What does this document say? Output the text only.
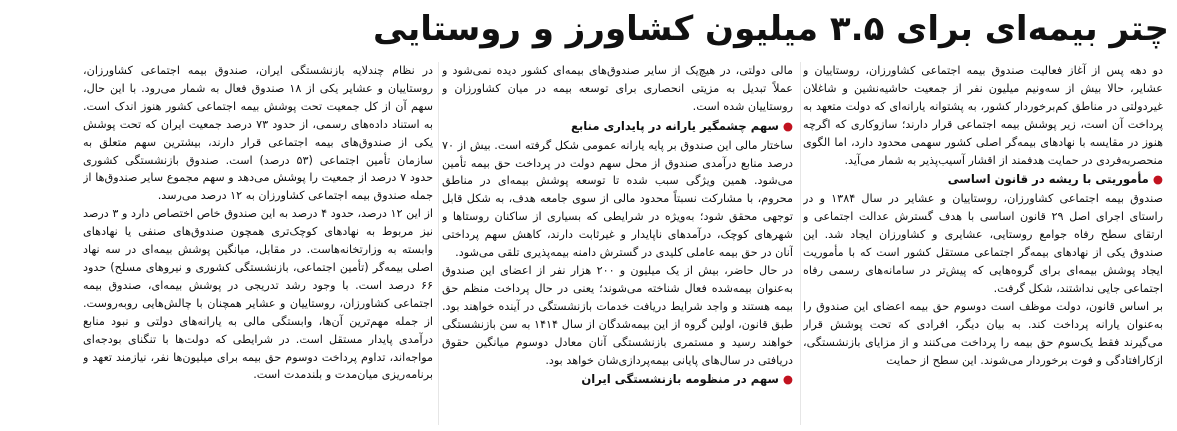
چتر بیمه‌ای برای ۳.۵ میلیون کشاورز و روستایی

دو دهه پس از آغاز فعالیت صندوق بیمه اجتماعی کشاورزان، روستاییان و عشایر، حالا بیش از سه‌ونیم میلیون نفر از جمعیت حاشیه‌نشین و شاغلان غیردولتی در مناطق کم‌برخوردار کشور، به پشتوانه یارانه‌ای که دولت متعهد به پرداخت آن است، زیر پوشش بیمه اجتماعی قرار دارند؛ سازوکاری که اگرچه هنوز در مقایسه با نهادهای بیمه‌گر اصلی کشور سهمی محدود دارد، اما الگوی منحصربه‌فردی در حمایت هدفمند از اقشار آسیب‌پذیر به شمار می‌آید.

●مأموریتی با ریشه در قانون اساسی

صندوق بیمه اجتماعی کشاورزان، روستاییان و عشایر در سال ۱۳۸۴ و در راستای اجرای اصل ۲۹ قانون اساسی با هدف گسترش عدالت اجتماعی و ارتقای سطح رفاه جوامع روستایی، عشایری و کشاورزان ایجاد شد. این صندوق یکی از نهادهای بیمه‌گر اجتماعی مستقل کشور است که با مأموریت ایجاد پوشش بیمه‌ای برای گروه‌هایی که پیش‌تر در سامانه‌های رسمی رفاه اجتماعی جایی نداشتند، شکل گرفت.

بر اساس قانون، دولت موظف است دوسوم حق بیمه اعضای این صندوق را به‌عنوان یارانه پرداخت کند. به بیان دیگر، افرادی که تحت پوشش قرار می‌گیرند فقط یک‌سوم حق بیمه را پرداخت می‌کنند و از مزایای بازنشستگی، ازکارافتادگی و فوت برخوردار می‌شوند. این سطح از حمایت

مالی دولتی، در هیچ‌یک از سایر صندوق‌های بیمه‌ای کشور دیده نمی‌شود و عملاً تبدیل به مزیتی انحصاری برای توسعه بیمه در میان کشاورزان و روستاییان شده است.

●سهم چشمگیر یارانه در پایداری منابع

ساختار مالی این صندوق بر پایه یارانه عمومی شکل گرفته است. بیش از ۷۰ درصد منابع درآمدی صندوق از محل سهم دولت در پرداخت حق بیمه تأمین می‌شود. همین ویژگی سبب شده تا توسعه پوشش بیمه‌ای در مناطق محروم، با مشارکت نسبتاً محدود مالی از سوی جامعه هدف، به شکل قابل توجهی محقق شود؛ به‌ویژه در شرایطی که بسیاری از ساکنان روستاها و شهرهای کوچک، درآمدهای ناپایدار و غیرثابت دارند، کاهش سهم پرداختی آنان در حق بیمه عاملی کلیدی در گسترش دامنه بیمه‌پذیری تلقی می‌شود.

در حال حاضر، بیش از یک میلیون و ۲۰۰ هزار نفر از اعضای این صندوق به‌عنوان بیمه‌شده فعال شناخته می‌شوند؛ یعنی در حال پرداخت منظم حق بیمه هستند و واجد شرایط دریافت خدمات بازنشستگی در آینده خواهند بود. طبق قانون، اولین گروه از این بیمه‌شدگان از سال ۱۴۱۴ به سن بازنشستگی خواهند رسید و مستمری بازنشستگی آنان معادل دوسوم میانگین حقوق دریافتی در سال‌های پایانی بیمه‌پردازی‌شان خواهد بود.

●سهم در منظومه بازنشستگی ایران

در نظام چندلایه بازنشستگی ایران، صندوق بیمه اجتماعی کشاورزان، روستاییان و عشایر یکی از ۱۸ صندوق فعال به شمار می‌رود. با این حال، سهم آن از کل جمعیت تحت پوشش بیمه اجتماعی کشور هنوز اندک است. به استناد داده‌های رسمی، از حدود ۷۳ درصد جمعیت ایران که تحت پوشش یکی از صندوق‌های بیمه اجتماعی قرار دارند، بیشترین سهم متعلق به سازمان تأمین اجتماعی (۵۳ درصد) است. صندوق بازنشستگی کشوری حدود ۷ درصد از جمعیت را پوشش می‌دهد و سهم مجموع سایر صندوق‌ها از جمله صندوق بیمه اجتماعی کشاورزان به ۱۲ درصد می‌رسد.

از این ۱۲ درصد، حدود ۴ درصد به این صندوق خاص اختصاص دارد و ۳ درصد نیز مربوط به نهادهای کوچک‌تری همچون صندوق‌های صنفی یا نهادهای وابسته به وزارتخانه‌هاست. در مقابل، میانگین پوشش بیمه‌ای در سه نهاد اصلی بیمه‌گر (تأمین اجتماعی، بازنشستگی کشوری و نیروهای مسلح) حدود ۶۶ درصد است. با وجود رشد تدریجی در پوشش بیمه‌ای، صندوق بیمه اجتماعی کشاورزان، روستاییان و عشایر همچنان با چالش‌هایی روبه‌روست. از جمله مهم‌ترین آن‌ها، وابستگی مالی به یارانه‌های دولتی و نبود منابع درآمدی پایدار مستقل است. در شرایطی که دولت‌ها با تنگنای بودجه‌ای مواجه‌اند، تداوم پرداخت دوسوم حق بیمه برای میلیون‌ها نفر، نیازمند تعهد و برنامه‌ریزی میان‌مدت و بلندمدت است.
